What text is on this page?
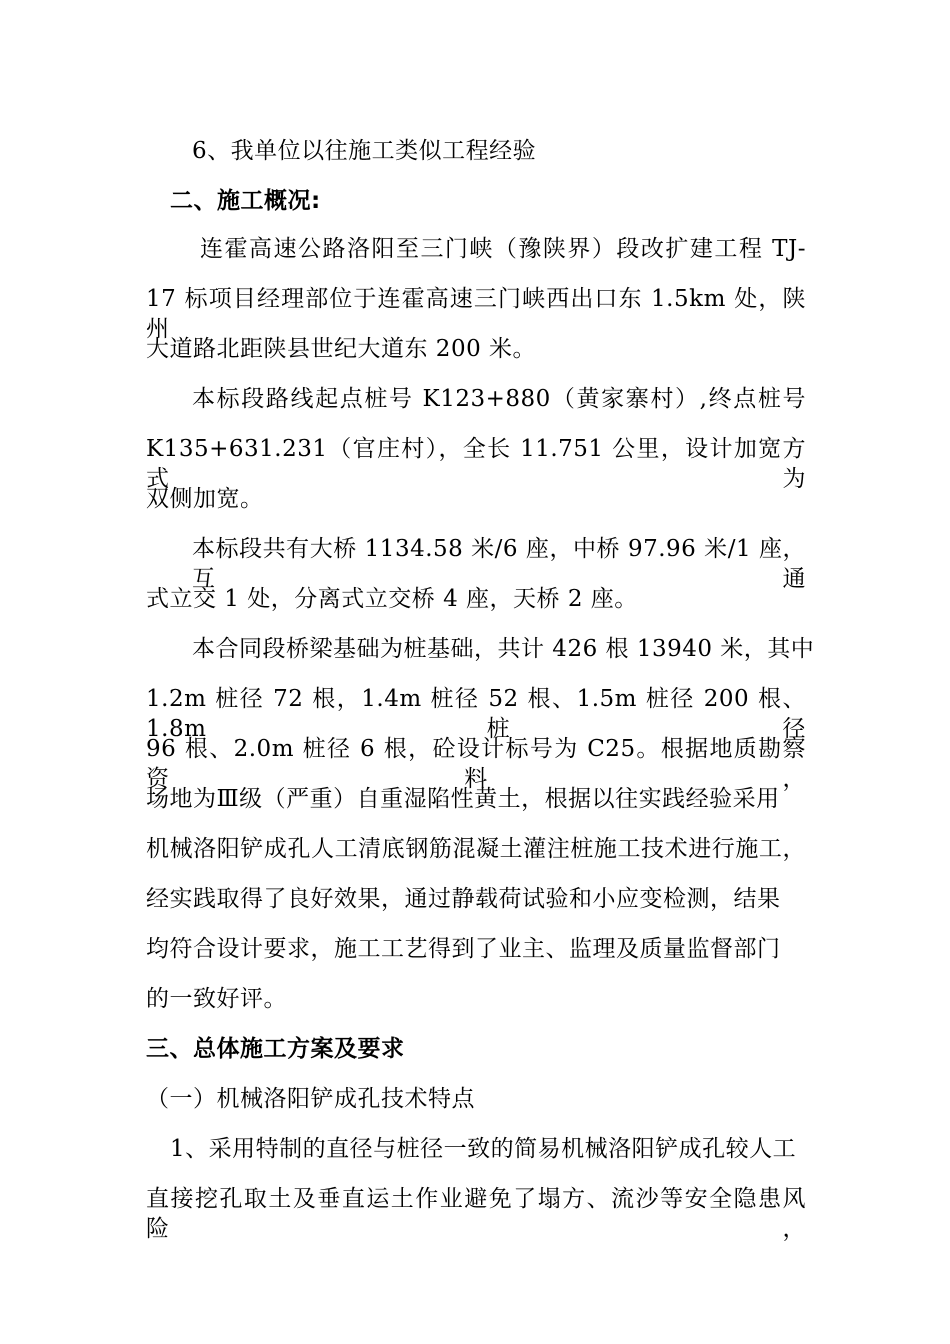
6、我单位以往施工类似工程经验
二、施工概况:
连霍高速公路洛阳至三门峡（豫陕界）段改扩建工程 TJ-
17 标项目经理部位于连霍高速三门峡西出口东 1.5km 处，陕州
大道路北距陕县世纪大道东 200 米。
本标段路线起点桩号 K123+880（黄家寨村）,终点桩号
K135+631.231（官庄村），全长 11.751 公里，设计加宽方式为
双侧加宽。
本标段共有大桥 1134.58 米/6 座，中桥 97.96 米/1 座，互通
式立交 1 处，分离式立交桥 4 座，天桥 2 座。
本合同段桥梁基础为桩基础，共计 426 根 13940 米，其中
1.2m 桩径 72 根，1.4m 桩径 52 根、1.5m 桩径 200 根、1.8m 桩径
96 根、2.0m 桩径 6 根，砼设计标号为 C25。根据地质勘察资料，
场地为Ⅲ级（严重）自重湿陷性黄土，根据以往实践经验采用
机械洛阳铲成孔人工清底钢筋混凝土灌注桩施工技术进行施工，
经实践取得了良好效果，通过静载荷试验和小应变检测，结果
均符合设计要求，施工工艺得到了业主、监理及质量监督部门
的一致好评。
三、总体施工方案及要求
（一）机械洛阳铲成孔技术特点
1、采用特制的直径与桩径一致的简易机械洛阳铲成孔较人工
直接挖孔取土及垂直运土作业避免了塌方、流沙等安全隐患风险，
